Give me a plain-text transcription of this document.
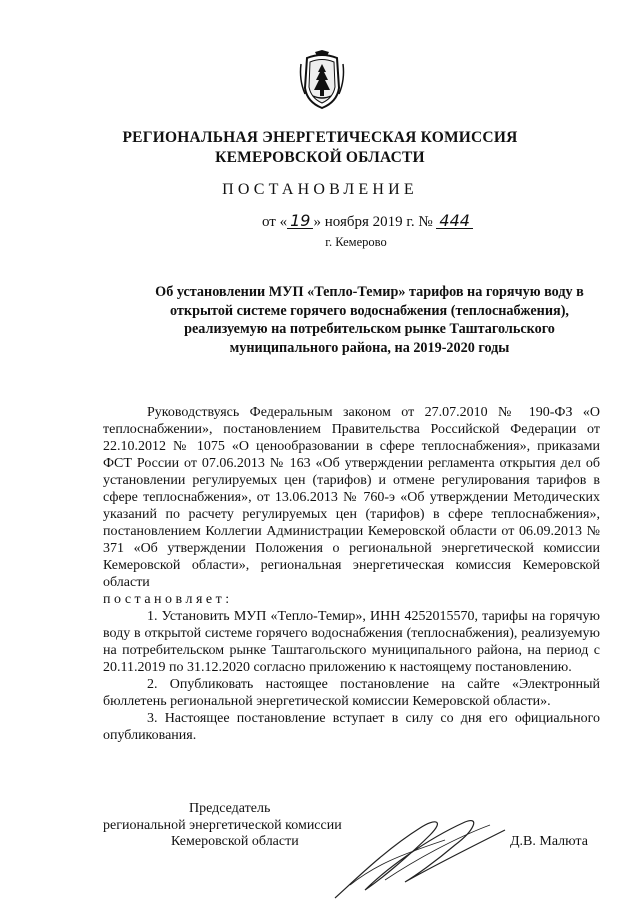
РЕГИОНАЛЬНАЯ ЭНЕРГЕТИЧЕСКАЯ КОМИССИЯ
КЕМЕРОВСКОЙ ОБЛАСТИ
ПОСТАНОВЛЕНИЕ
от « 19 » ноября 2019 г. № 444
г. Кемерово
Об установлении МУП «Тепло-Темир» тарифов на горячую воду в
открытой системе горячего водоснабжения (теплоснабжения),
реализуемую на потребительском рынке Таштагольского
муниципального района, на 2019-2020 годы

Руководствуясь Федеральным законом от 27.07.2010 № 190-ФЗ «О теплоснабжении», постановлением Правительства Российской Федерации от 22.10.2012 № 1075 «О ценообразовании в сфере теплоснабжения», приказами ФСТ России от 07.06.2013 № 163 «Об утверждении регламента открытия дел об установлении регулируемых цен (тарифов) и отмене регулирования тарифов в сфере теплоснабжения», от 13.06.2013 № 760-э «Об утверждении Методических указаний по расчету регулируемых цен (тарифов) в сфере теплоснабжения», постановлением Коллегии Администрации Кемеровской области от 06.09.2013 № 371 «Об утверждении Положения о региональной энергетической комиссии Кемеровской области», региональная энергетическая комиссия Кемеровской области

постановляет:

1. Установить МУП «Тепло-Темир», ИНН 4252015570, тарифы на горячую воду в открытой системе горячего водоснабжения (теплоснабжения), реализуемую на потребительском рынке Таштагольского муниципального района, на период с 20.11.2019 по 31.12.2020 согласно приложению к настоящему постановлению.

2. Опубликовать настоящее постановление на сайте «Электронный бюллетень региональной энергетической комиссии Кемеровской области».

3. Настоящее постановление вступает в силу со дня его официального опубликования.

Председатель
региональной энергетической комиссии
Кемеровской области	Д.В. Малюта
